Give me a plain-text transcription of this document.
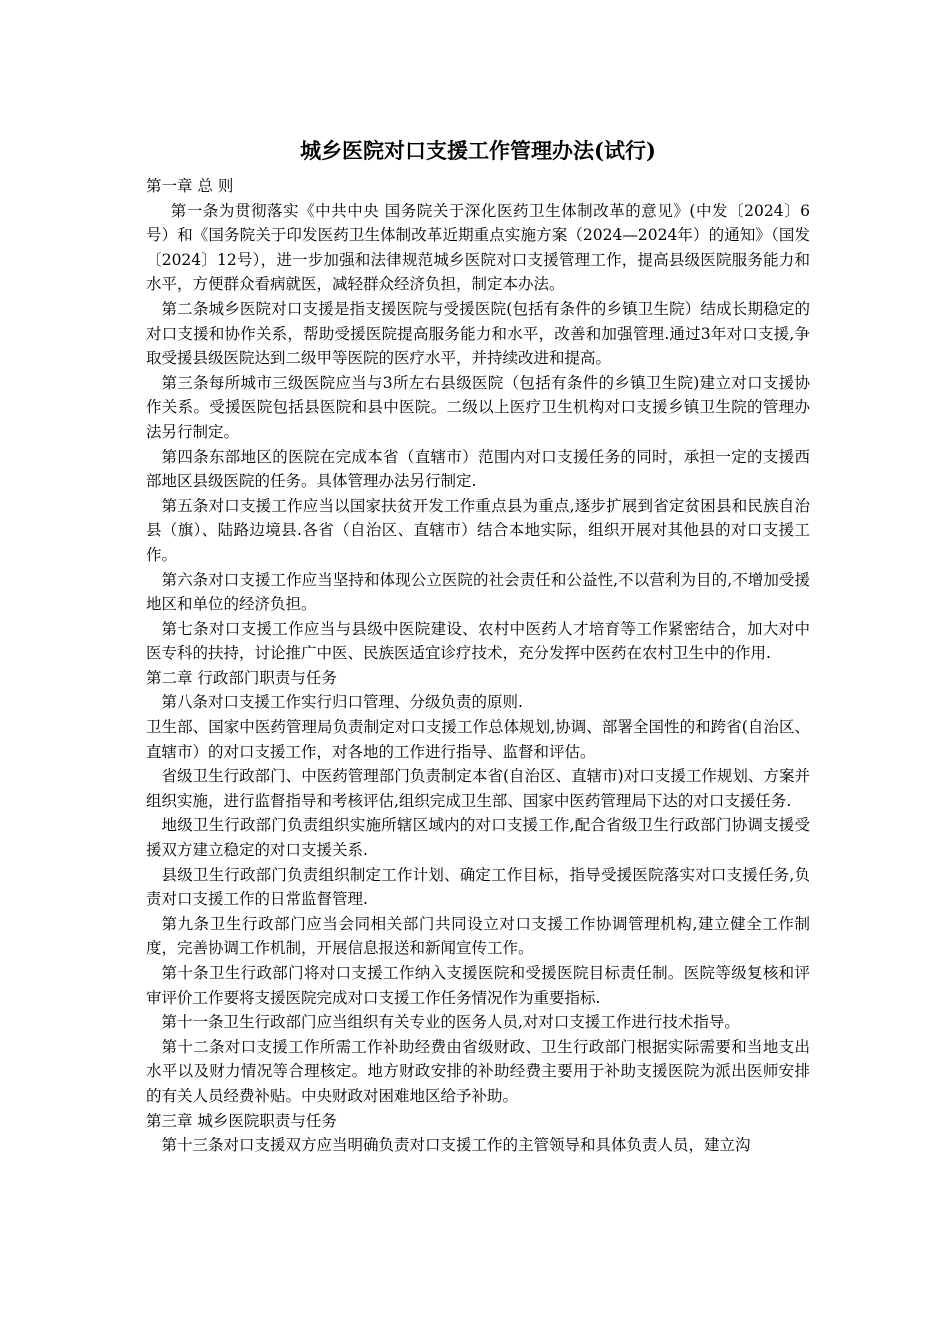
城乡医院对口支援工作管理办法(试行)
第一章 总 则

第一条为贯彻落实《中共中央 国务院关于深化医药卫生体制改革的意见》(中发〔2024〕6号）和《国务院关于印发医药卫生体制改革近期重点实施方案（2024—2024年）的通知》（国发〔2024〕12号），进一步加强和法律规范城乡医院对口支援管理工作，提高县级医院服务能力和水平，方便群众看病就医，减轻群众经济负担，制定本办法。

第二条城乡医院对口支援是指支援医院与受援医院(包括有条件的乡镇卫生院）结成长期稳定的对口支援和协作关系，帮助受援医院提高服务能力和水平，改善和加强管理.通过3年对口支援,争取受援县级医院达到二级甲等医院的医疗水平，并持续改进和提高。

第三条每所城市三级医院应当与3所左右县级医院（包括有条件的乡镇卫生院)建立对口支援协作关系。受援医院包括县医院和县中医院。二级以上医疗卫生机构对口支援乡镇卫生院的管理办法另行制定。

第四条东部地区的医院在完成本省（直辖市）范围内对口支援任务的同时，承担一定的支援西部地区县级医院的任务。具体管理办法另行制定.

第五条对口支援工作应当以国家扶贫开发工作重点县为重点,逐步扩展到省定贫困县和民族自治县（旗）、陆路边境县.各省（自治区、直辖市）结合本地实际，组织开展对其他县的对口支援工作。

第六条对口支援工作应当坚持和体现公立医院的社会责任和公益性,不以营利为目的,不增加受援地区和单位的经济负担。

第七条对口支援工作应当与县级中医院建设、农村中医药人才培育等工作紧密结合，加大对中医专科的扶持，讨论推广中医、民族医适宜诊疗技术，充分发挥中医药在农村卫生中的作用.

第二章 行政部门职责与任务

第八条对口支援工作实行归口管理、分级负责的原则.

卫生部、国家中医药管理局负责制定对口支援工作总体规划,协调、部署全国性的和跨省(自治区、直辖市）的对口支援工作，对各地的工作进行指导、监督和评估。

省级卫生行政部门、中医药管理部门负责制定本省(自治区、直辖市)对口支援工作规划、方案并组织实施，进行监督指导和考核评估,组织完成卫生部、国家中医药管理局下达的对口支援任务.

地级卫生行政部门负责组织实施所辖区域内的对口支援工作,配合省级卫生行政部门协调支援受援双方建立稳定的对口支援关系.

县级卫生行政部门负责组织制定工作计划、确定工作目标，指导受援医院落实对口支援任务,负责对口支援工作的日常监督管理.

第九条卫生行政部门应当会同相关部门共同设立对口支援工作协调管理机构,建立健全工作制度，完善协调工作机制，开展信息报送和新闻宣传工作。

第十条卫生行政部门将对口支援工作纳入支援医院和受援医院目标责任制。医院等级复核和评审评价工作要将支援医院完成对口支援工作任务情况作为重要指标.

第十一条卫生行政部门应当组织有关专业的医务人员,对对口支援工作进行技术指导。

第十二条对口支援工作所需工作补助经费由省级财政、卫生行政部门根据实际需要和当地支出水平以及财力情况等合理核定。地方财政安排的补助经费主要用于补助支援医院为派出医师安排的有关人员经费补贴。中央财政对困难地区给予补助。

第三章 城乡医院职责与任务

第十三条对口支援双方应当明确负责对口支援工作的主管领导和具体负责人员，建立沟
